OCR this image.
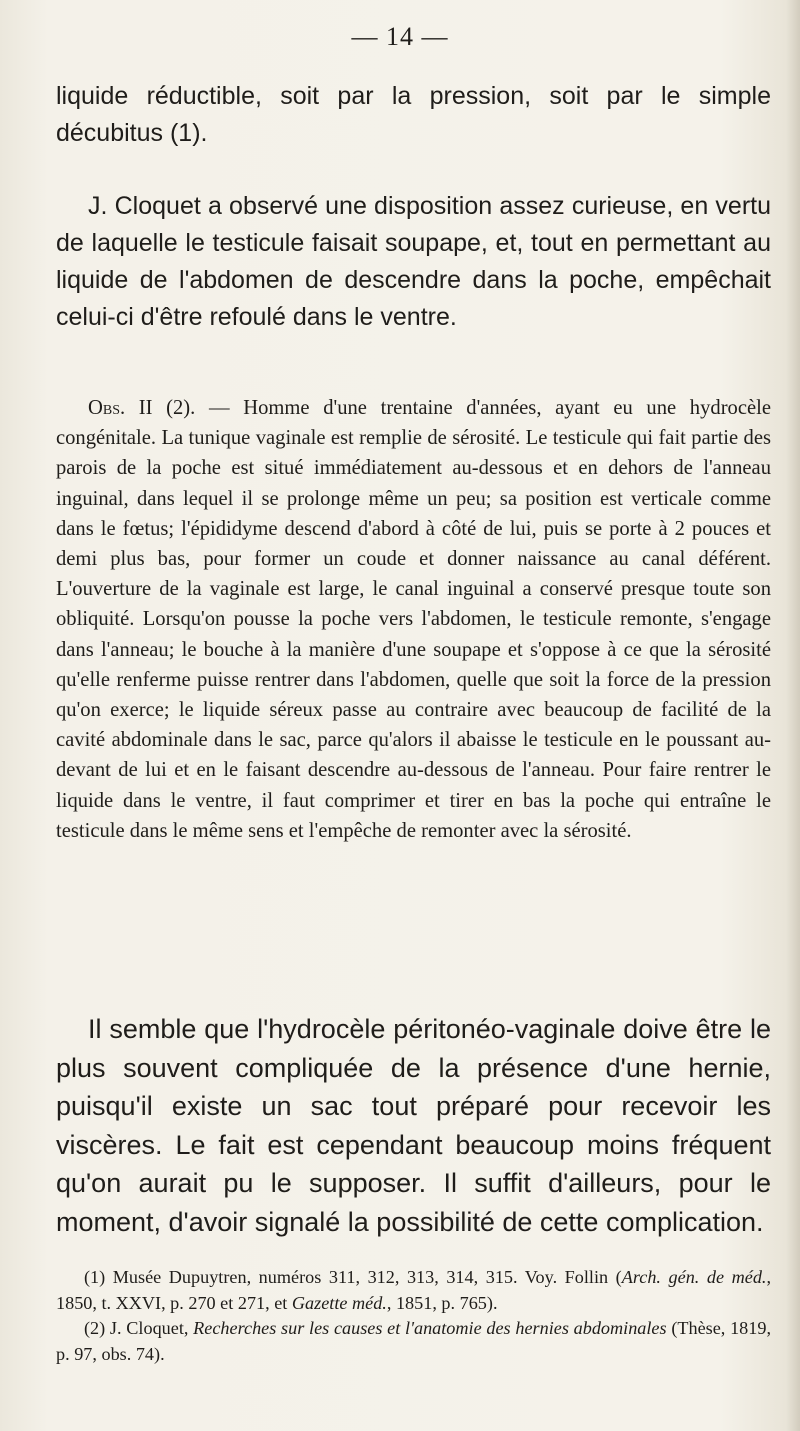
— 14 —

liquide réductible, soit par la pression, soit par le simple décubitus (1).

J. Cloquet a observé une disposition assez curieuse, en vertu de laquelle le testicule faisait soupape, et, tout en permettant au liquide de l'abdomen de descendre dans la poche, empêchait celui-ci d'être refoulé dans le ventre.

Obs. II (2). — Homme d'une trentaine d'années, ayant eu une hydrocèle congénitale. La tunique vaginale est remplie de sérosité. Le testicule qui fait partie des parois de la poche est situé immédiatement au-dessous et en dehors de l'anneau inguinal, dans lequel il se prolonge même un peu; sa position est verticale comme dans le fœtus; l'épididyme descend d'abord à côté de lui, puis se porte à 2 pouces et demi plus bas, pour former un coude et donner naissance au canal déférent. L'ouverture de la vaginale est large, le canal inguinal a conservé presque toute son obliquité. Lorsqu'on pousse la poche vers l'abdomen, le testicule remonte, s'engage dans l'anneau; le bouche à la manière d'une soupape et s'oppose à ce que la sérosité qu'elle renferme puisse rentrer dans l'abdomen, quelle que soit la force de la pression qu'on exerce; le liquide séreux passe au contraire avec beaucoup de facilité de la cavité abdominale dans le sac, parce qu'alors il abaisse le testicule en le poussant au-devant de lui et en le faisant descendre au-dessous de l'anneau. Pour faire rentrer le liquide dans le ventre, il faut comprimer et tirer en bas la poche qui entraîne le testicule dans le même sens et l'empêche de remonter avec la sérosité.

Il semble que l'hydrocèle péritonéo-vaginale doive être le plus souvent compliquée de la présence d'une hernie, puisqu'il existe un sac tout préparé pour recevoir les viscères. Le fait est cependant beaucoup moins fréquent qu'on aurait pu le supposer. Il suffit d'ailleurs, pour le moment, d'avoir signalé la possibilité de cette complication.

(1) Musée Dupuytren, numéros 311, 312, 313, 314, 315. Voy. Follin (Arch. gén. de méd., 1850, t. XXVI, p. 270 et 271, et Gazette méd., 1851, p. 765).

(2) J. Cloquet, Recherches sur les causes et l'anatomie des hernies abdominales (Thèse, 1819, p. 97, obs. 74).
